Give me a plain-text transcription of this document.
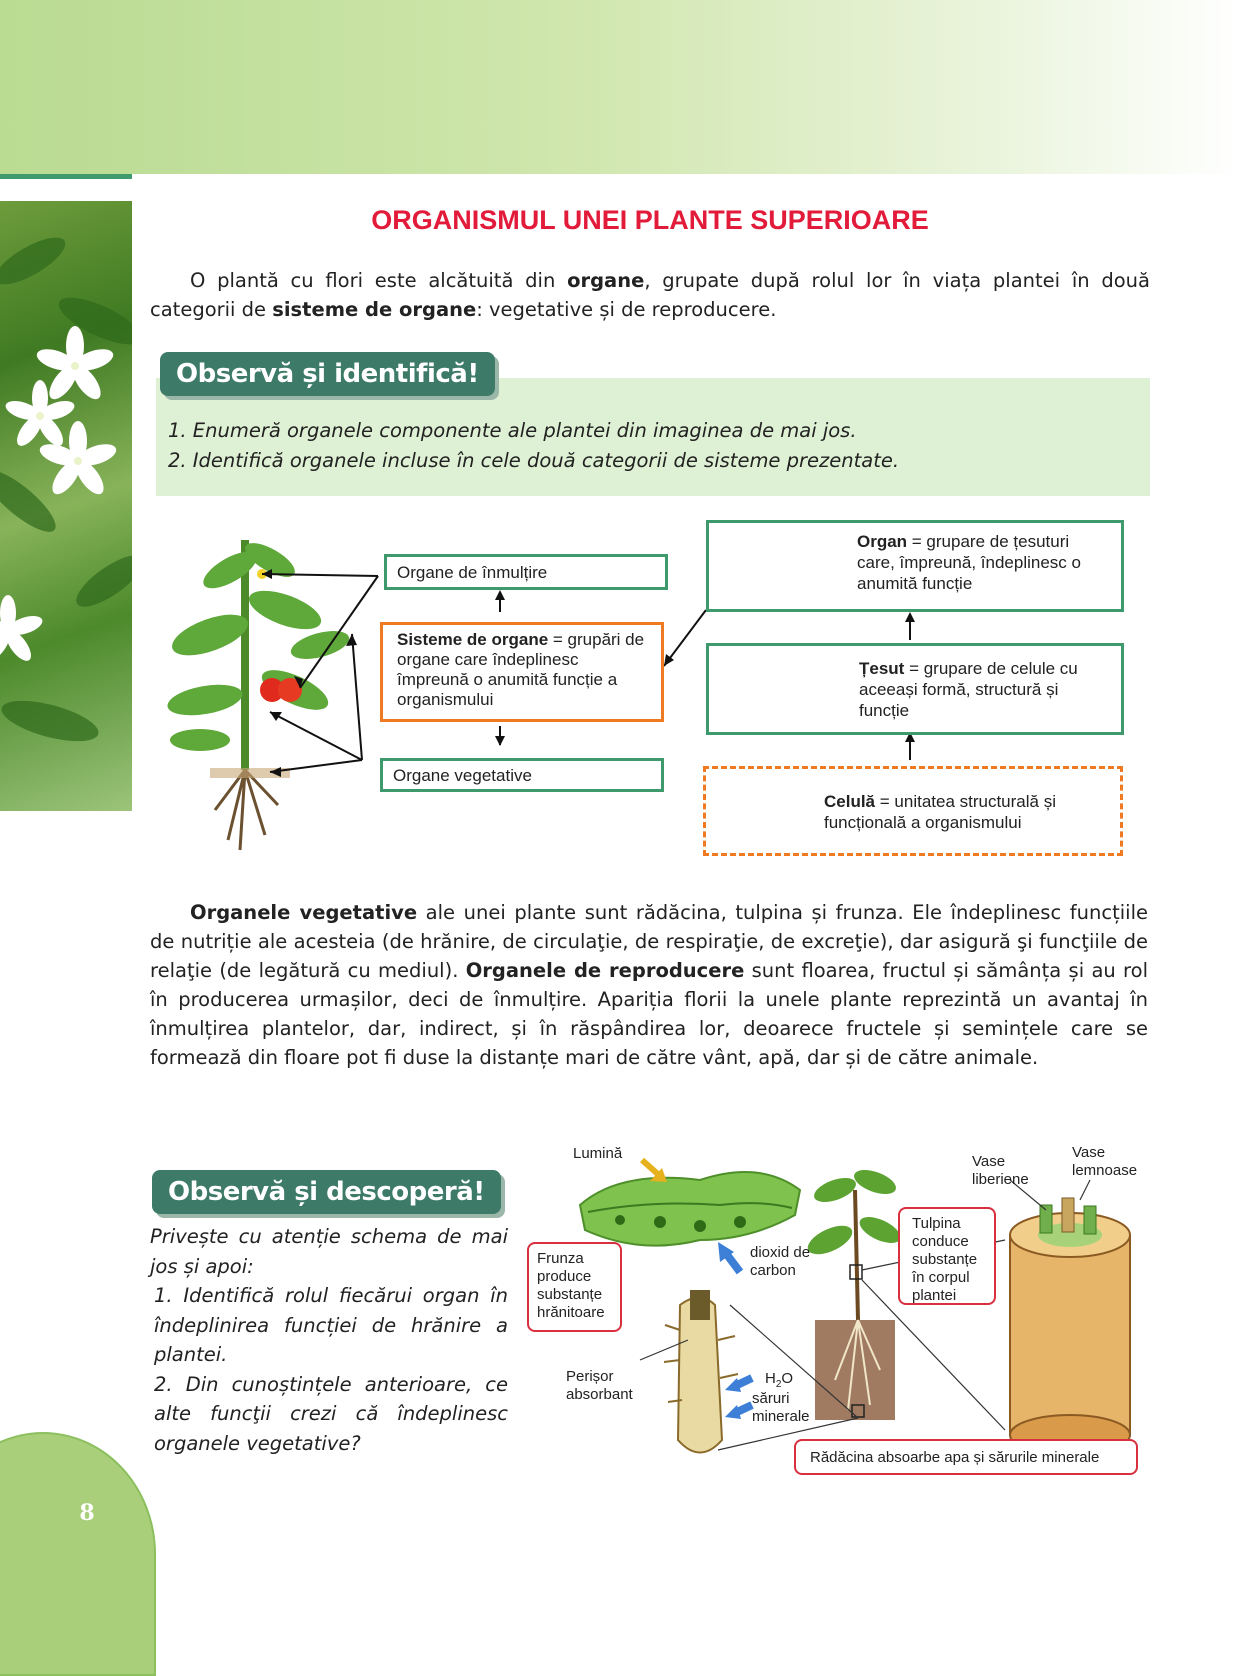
8
ORGANISMUL UNEI PLANTE SUPERIOARE
O plantă cu flori este alcătuită din organe, grupate după rolul lor în viața plantei în două categorii de sisteme de organe: vegetative și de reproducere.
Observă și identifică!
1. Enumeră organele componente ale plantei din imaginea de mai jos.
2. Identifică organele incluse în cele două categorii de sisteme prezentate.
Organe de înmulțire
Sisteme de organe = grupări de organe care îndeplinesc împreună o anumită funcție a organismului
Organe vegetative
Organ = grupare de țesuturi care, împreună, îndeplinesc o anumită funcție
Țesut = grupare de celule cu aceeași formă, structură și funcție
Celulă = unitatea structurală și funcțională a organismului
Organele vegetative ale unei plante sunt rădăcina, tulpina și frunza. Ele îndeplinesc funcțiile de nutriție ale acesteia (de hrănire, de circulaţie, de respiraţie, de excreţie), dar asigură şi funcţiile de relaţie (de legătură cu mediul). Organele de reproducere sunt floarea, fructul și sămânța și au rol în producerea urmașilor, deci de înmulțire. Apariția florii la unele plante reprezintă un avantaj în înmulțirea plantelor, dar, indirect, și în răspândirea lor, deoarece fructele și semințele care se formează din floare pot fi duse la distanțe mari de către vânt, apă, dar și de către animale.
Observă și descoperă!
Privește cu atenție schema de mai jos și apoi:
1. Identifică rolul fiecărui organ în îndeplinirea funcției de hrănire a plantei.
2. Din cunoștințele anterioare, ce alte funcţii crezi că îndeplinesc organele vegetative?
Lumină
Frunza produce substanțe hrănitoare
dioxid de carbon
Perișor absorbant
$H_2O$
săruri minerale
Tulpina conduce substanțe în corpul plantei
Vase liberiene
Vase lemnoase
Rădăcina absoarbe apa și sărurile minerale
